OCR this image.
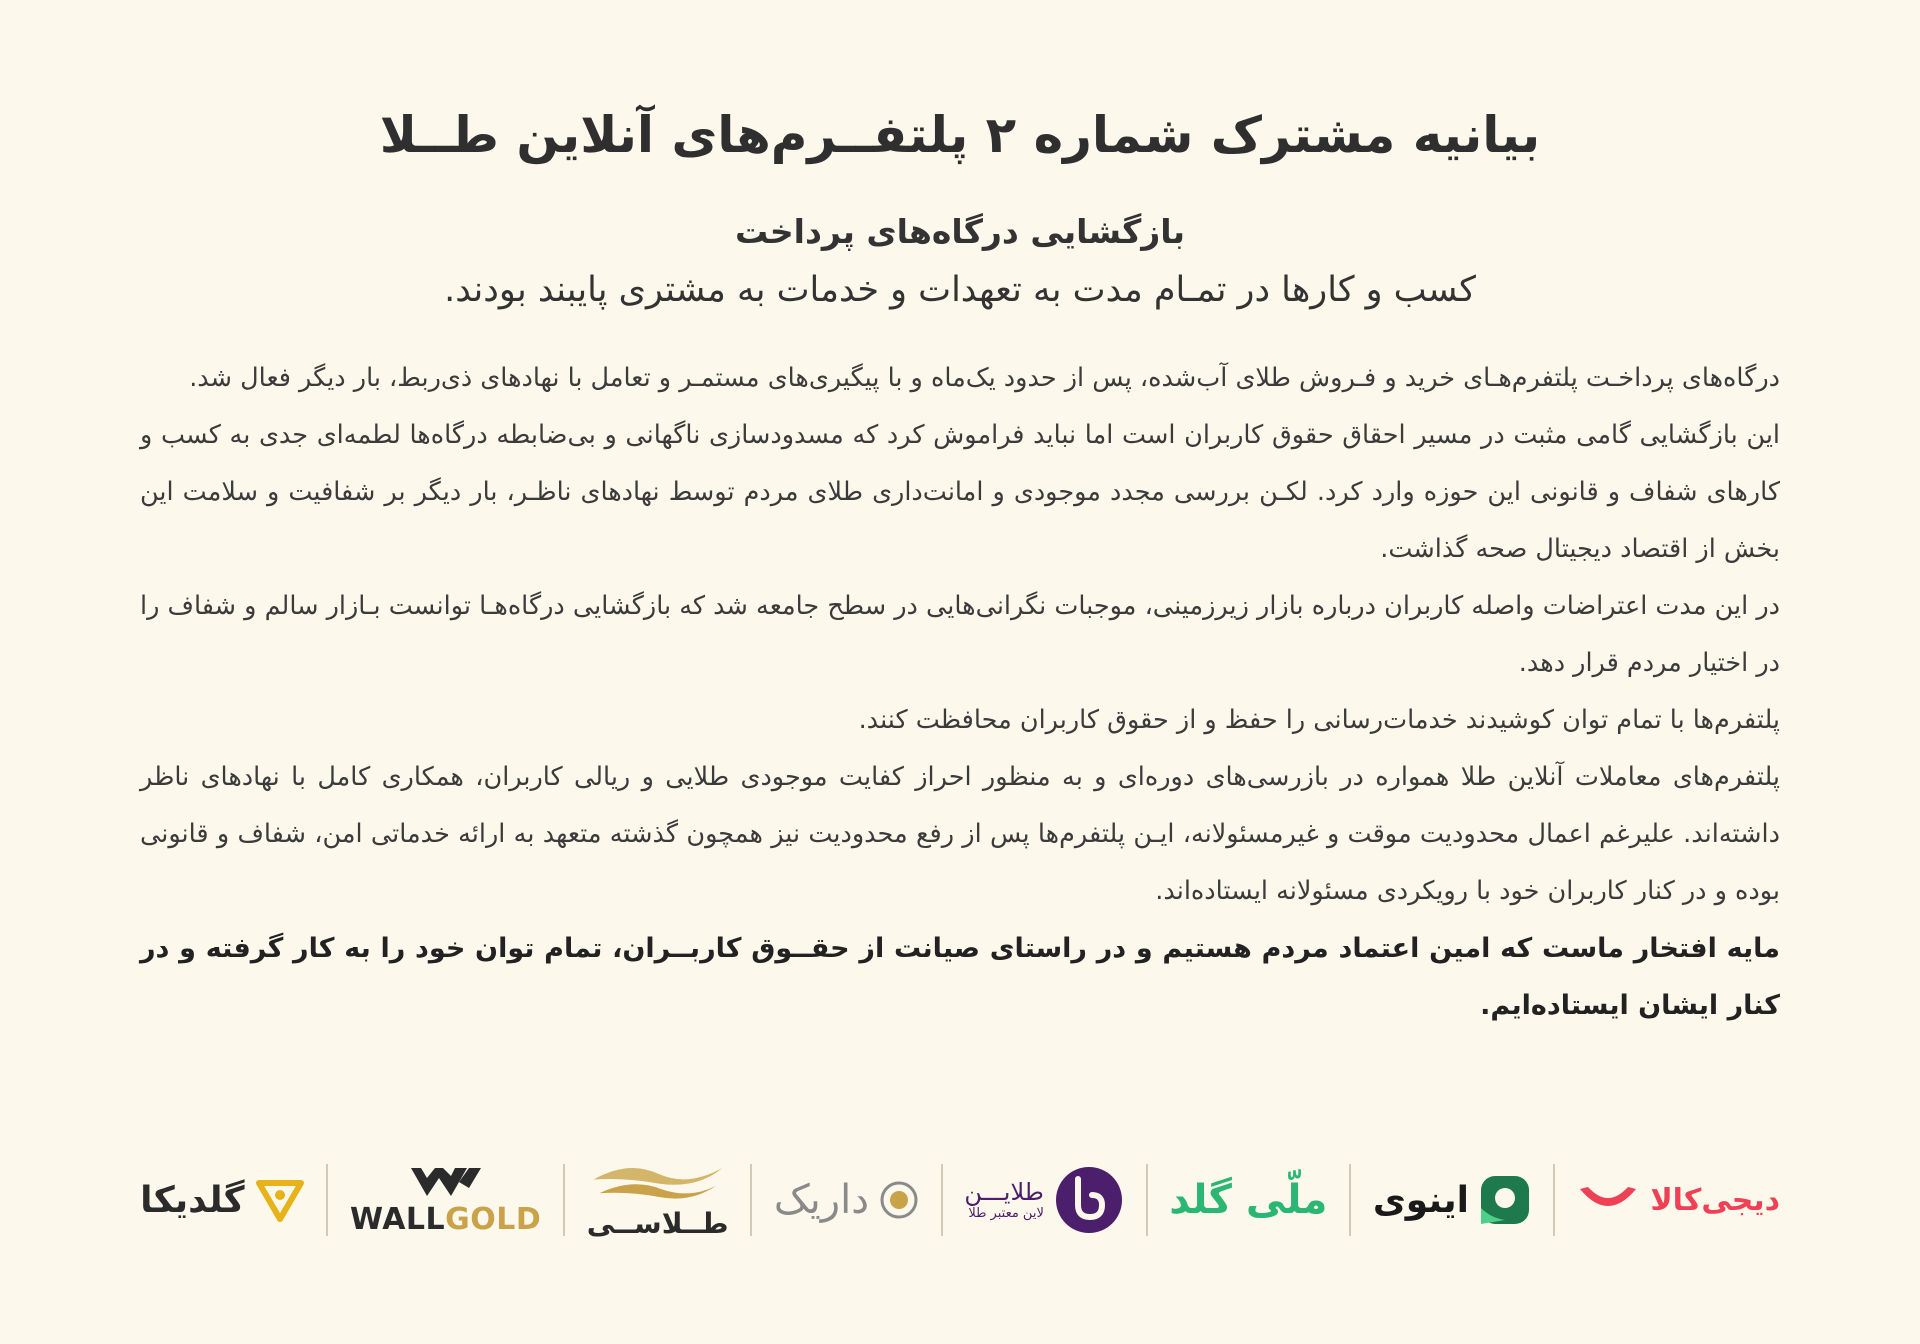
بیانیه مشترک شماره ۲ پلتفــرم‌های آنلاین طــلا
بازگشایی درگاه‌های پرداخت
کسب و کارها در تمـام مدت به تعهدات و خدمات به مشتری پایبند بودند.

درگاه‌های پرداخـت پلتفرم‌هـای خرید و فـروش طلای آب‌شده، پس از حدود یک‌ماه و با پیگیری‌های مستمـر و تعامل با نهادهای ذی‌ربط، بار دیگر فعال شد.

این بازگشایی گامی مثبت در مسیر احقاق حقوق کاربران است اما نباید فراموش کرد که مسدودسازی ناگهانی و بی‌ضابطه درگاه‌ها لطمه‌ای جدی به کسب و کارهای شفاف و قانونی این حوزه وارد کرد. لکـن بررسی مجدد موجودی و امانت‌داری طلای مردم توسط نهادهای ناظـر، بار دیگر بر شفافیت و سلامت این بخش از اقتصاد دیجیتال صحه گذاشت.

در این مدت اعتراضات واصله کاربران درباره بازار زیرزمینی، موجبات نگرانی‌هایی در سطح جامعه شد که بازگشایی درگاه‌هـا توانست بـازار سالم و شفاف را در اختیار مردم قرار دهد.

پلتفرم‌ها با تمام توان کوشیدند خدمات‌رسانی را حفظ و از حقوق کاربران محافظت کنند.

پلتفرم‌های معاملات آنلاین طلا همواره در بازرسی‌های دوره‌ای و به منظور احراز کفایت موجودی طلایی و ریالی کاربران، همکاری کامل با نهادهای ناظر داشته‌اند. علیرغم اعمال محدودیت موقت و غیرمسئولانه، ایـن پلتفرم‌ها پس از رفع محدودیت نیز همچون گذشته متعهد به ارائه خدماتی امن، شفاف و قانونی بوده و در کنار کاربران خود با رویکردی مسئولانه ایستاده‌اند.

مایه افتخار ماست که امین اعتماد مردم هستیم و در راستای صیانت از حقــوق کاربــران، تمام توان خود را به کار گرفته و در کنار ایشان ایستاده‌ایم.

دیجی‌کالا
اینوی
ملّی گلد
طلایـــن
لاین معتبر طلا
داریک
طــلاســی
WALLGOLD
گلدیکا
